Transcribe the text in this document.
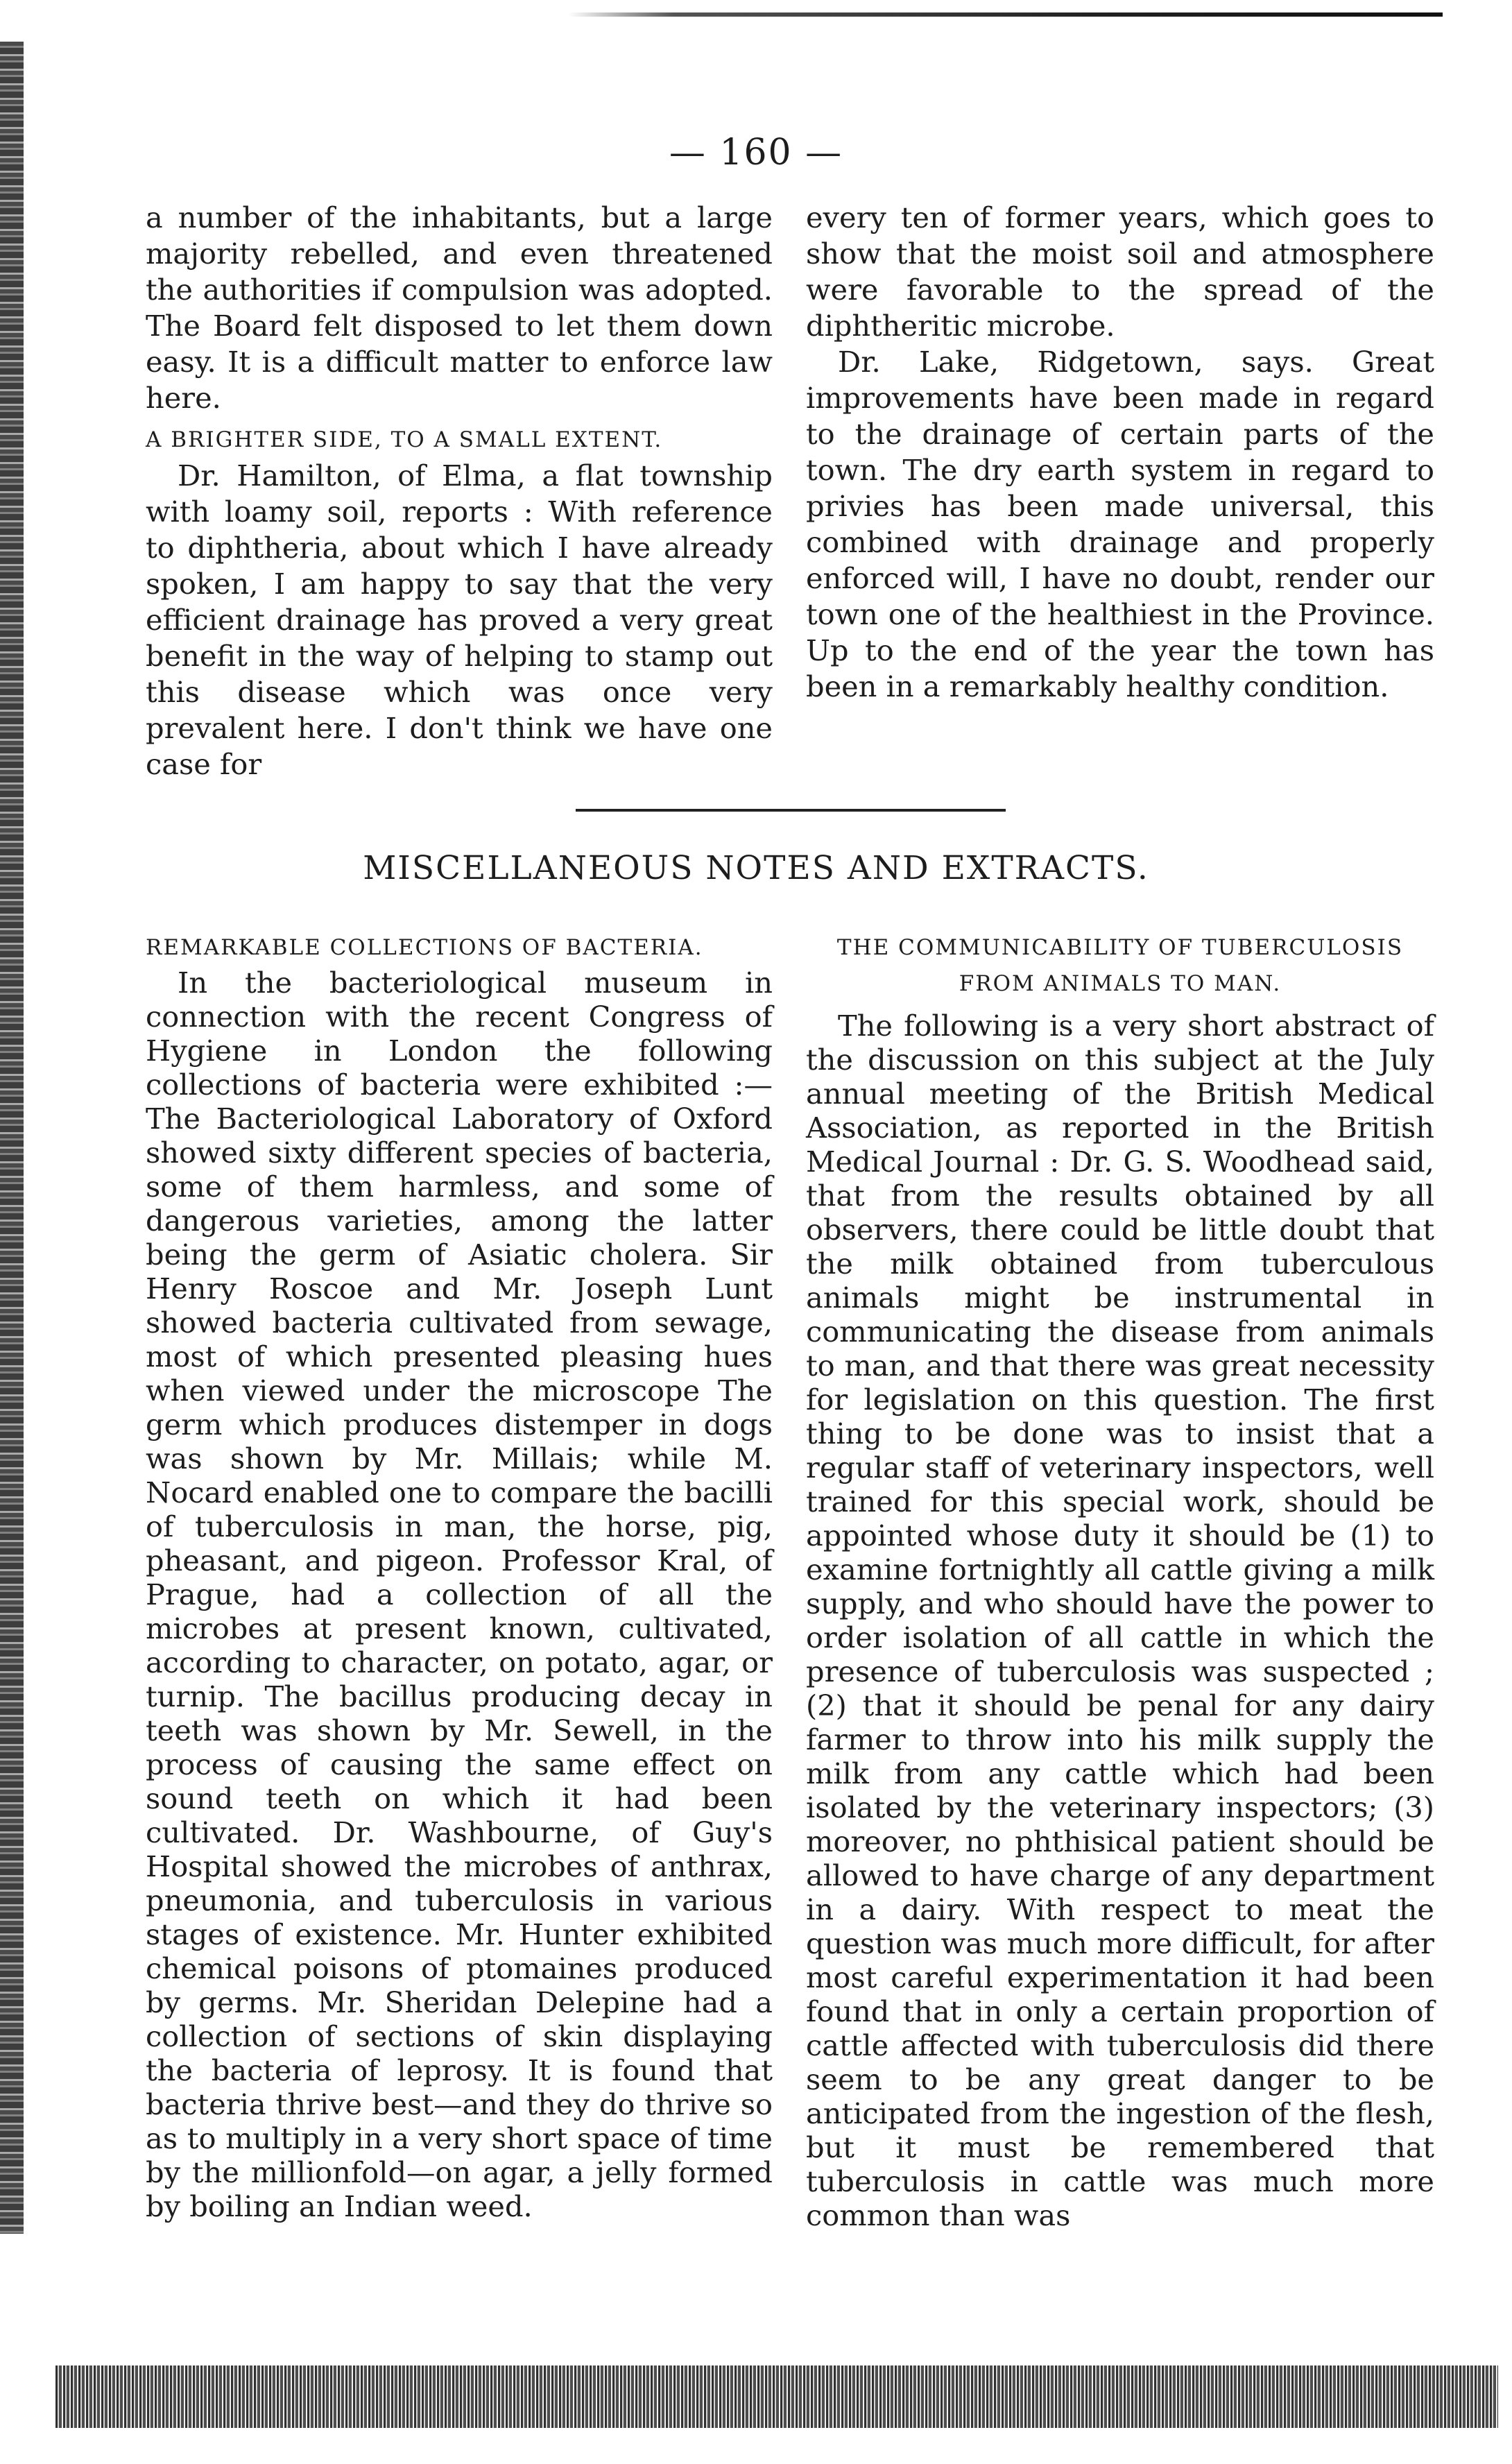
— 160 —

a number of the inhabitants, but a large majority rebelled, and even threatened the authorities if compulsion was adopted. The Board felt disposed to let them down easy. It is a difficult matter to enforce law here.

A BRIGHTER SIDE, TO A SMALL EXTENT.

Dr. Hamilton, of Elma, a flat township with loamy soil, reports : With reference to diphtheria, about which I have already spoken, I am happy to say that the very efficient drainage has proved a very great benefit in the way of helping to stamp out this disease which was once very prevalent here. I don't think we have one case for

every ten of former years, which goes to show that the moist soil and atmosphere were favorable to the spread of the diphtheritic microbe.

Dr. Lake, Ridgetown, says. Great improvements have been made in regard to the drainage of certain parts of the town. The dry earth system in regard to privies has been made universal, this combined with drainage and properly enforced will, I have no doubt, render our town one of the healthiest in the Province. Up to the end of the year the town has been in a remarkably healthy condition.

MISCELLANEOUS NOTES AND EXTRACTS.

REMARKABLE COLLECTIONS OF BACTERIA.

In the bacteriological museum in connection with the recent Congress of Hygiene in London the following collections of bacteria were exhibited :—The Bacteriological Laboratory of Oxford showed sixty different species of bacteria, some of them harmless, and some of dangerous varieties, among the latter being the germ of Asiatic cholera. Sir Henry Roscoe and Mr. Joseph Lunt showed bacteria cultivated from sewage, most of which presented pleasing hues when viewed under the microscope The germ which produces distemper in dogs was shown by Mr. Millais; while M. Nocard enabled one to compare the bacilli of tuberculosis in man, the horse, pig, pheasant, and pigeon. Professor Kral, of Prague, had a collection of all the microbes at present known, cultivated, according to character, on potato, agar, or turnip. The bacillus producing decay in teeth was shown by Mr. Sewell, in the process of causing the same effect on sound teeth on which it had been cultivated. Dr. Washbourne, of Guy's Hospital showed the microbes of anthrax, pneumonia, and tuberculosis in various stages of existence. Mr. Hunter exhibited chemical poisons of ptomaines produced by germs. Mr. Sheridan Delepine had a collection of sections of skin displaying the bacteria of leprosy. It is found that bacteria thrive best—and they do thrive so as to multiply in a very short space of time by the millionfold—on agar, a jelly formed by boiling an Indian weed.

THE COMMUNICABILITY OF TUBERCULOSIS FROM ANIMALS TO MAN.

The following is a very short abstract of the discussion on this subject at the July annual meeting of the British Medical Association, as reported in the British Medical Journal : Dr. G. S. Woodhead said, that from the results obtained by all observers, there could be little doubt that the milk obtained from tuberculous animals might be instrumental in communicating the disease from animals to man, and that there was great necessity for legislation on this question. The first thing to be done was to insist that a regular staff of veterinary inspectors, well trained for this special work, should be appointed whose duty it should be (1) to examine fortnightly all cattle giving a milk supply, and who should have the power to order isolation of all cattle in which the presence of tuberculosis was suspected ; (2) that it should be penal for any dairy farmer to throw into his milk supply the milk from any cattle which had been isolated by the veterinary inspectors; (3) moreover, no phthisical patient should be allowed to have charge of any department in a dairy. With respect to meat the question was much more difficult, for after most careful experimentation it had been found that in only a certain proportion of cattle affected with tuberculosis did there seem to be any great danger to be anticipated from the ingestion of the flesh, but it must be remembered that tuberculosis in cattle was much more common than was
